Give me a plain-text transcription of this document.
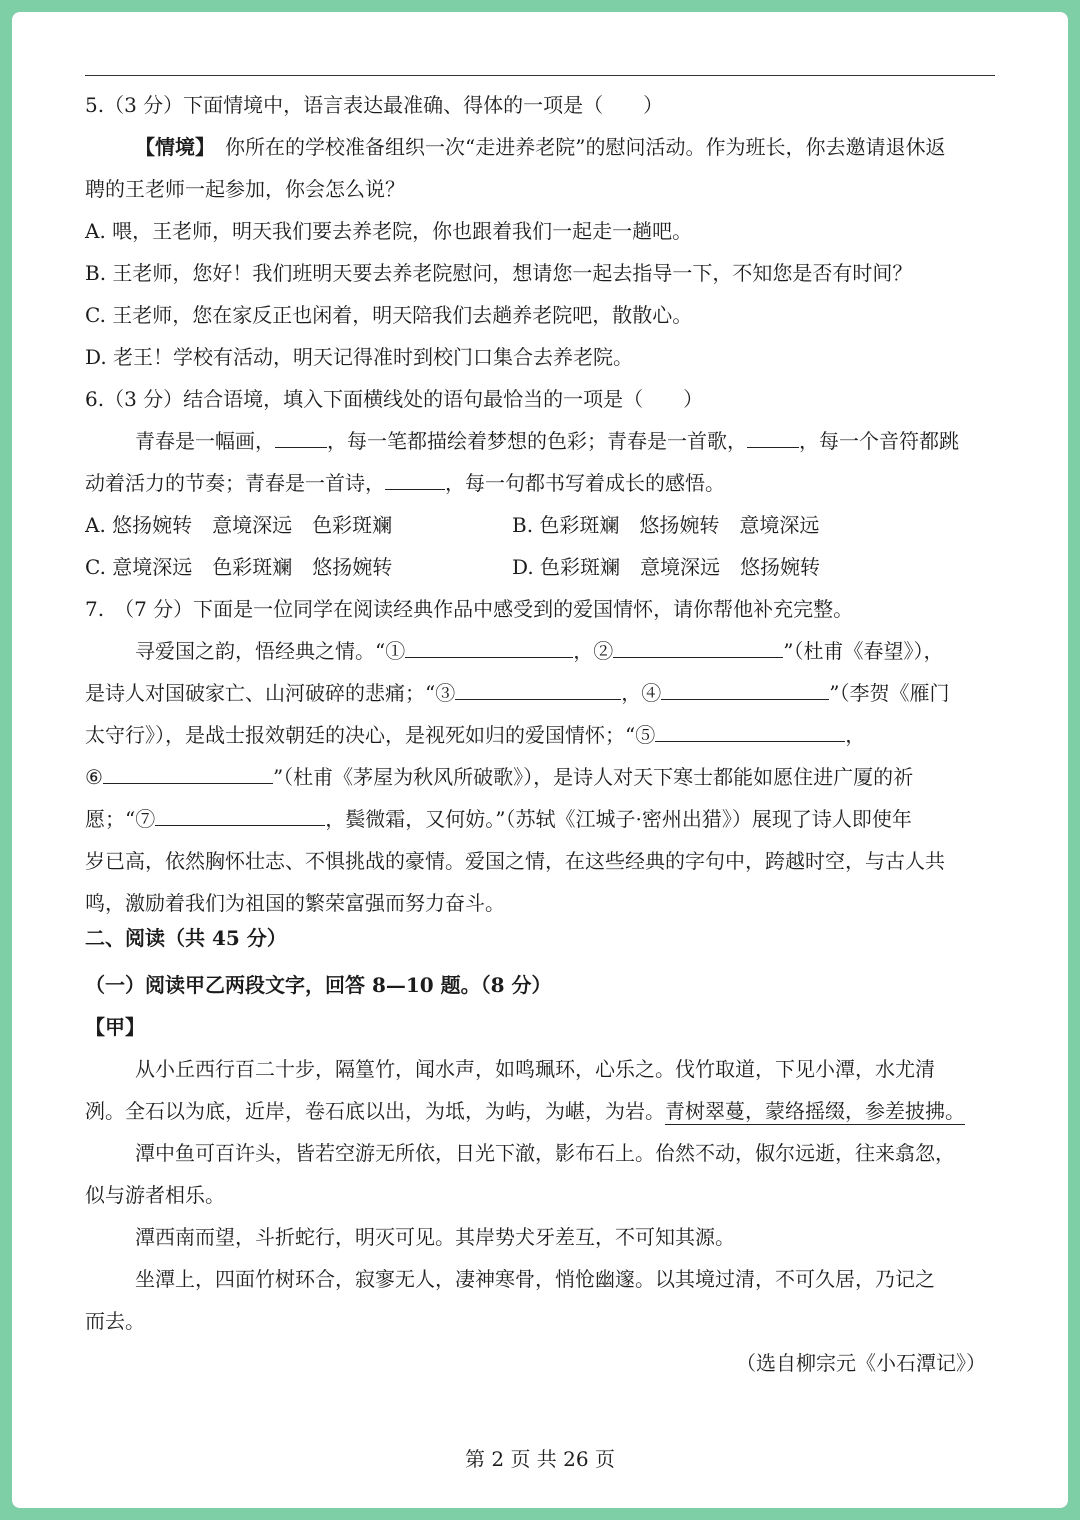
5.（3 分）下面情境中，语言表达最准确、得体的一项是（　　）
【情境】 你所在的学校准备组织一次“走进养老院”的慰问活动。作为班长，你去邀请退休返
聘的王老师一起参加，你会怎么说？
A. 喂，王老师，明天我们要去养老院，你也跟着我们一起走一趟吧。
B. 王老师，您好！我们班明天要去养老院慰问，想请您一起去指导一下，不知您是否有时间？
C. 王老师，您在家反正也闲着，明天陪我们去趟养老院吧，散散心。
D. 老王！学校有活动，明天记得准时到校门口集合去养老院。
6.（3 分）结合语境，填入下面横线处的语句最恰当的一项是（　　）
青春是一幅画，	，每一笔都描绘着梦想的色彩；青春是一首歌，	，每一个音符都跳
动着活力的节奏；青春是一首诗，	，每一句都书写着成长的感悟。
A. 悠扬婉转　意境深远　色彩斑斓	B. 色彩斑斓　悠扬婉转　意境深远
C. 意境深远　色彩斑斓　悠扬婉转	D. 色彩斑斓　意境深远　悠扬婉转
7.　（7 分）下面是一位同学在阅读经典作品中感受到的爱国情怀，请你帮他补充完整。
寻爱国之韵，悟经典之情。“①	，②	”（杜甫《春望》），
是诗人对国破家亡、山河破碎的悲痛；“③	，④	”（李贺《雁门
太守行》），是战士报效朝廷的决心，是视死如归的爱国情怀；“⑤	，
⑥	”（杜甫《茅屋为秋风所破歌》），是诗人对天下寒士都能如愿住进广厦的祈
愿；“⑦	，鬓微霜，又何妨。”（苏轼《江城子·密州出猎》）展现了诗人即使年
岁已高，依然胸怀壮志、不惧挑战的豪情。爱国之情，在这些经典的字句中，跨越时空，与古人共
鸣，激励着我们为祖国的繁荣富强而努力奋斗。
二、阅读（共 45 分）
（一）阅读甲乙两段文字，回答 8—10 题。（8 分）
【甲】
从小丘西行百二十步，隔篁竹，闻水声，如鸣珮环，心乐之。伐竹取道，下见小潭，水尤清
冽。全石以为底，近岸，卷石底以出，为坻，为屿，为嵁，为岩。青树翠蔓，蒙络摇缀，参差披拂。
潭中鱼可百许头，皆若空游无所依，日光下澈，影布石上。佁然不动，俶尔远逝，往来翕忽，
似与游者相乐。
潭西南而望，斗折蛇行，明灭可见。其岸势犬牙差互，不可知其源。
坐潭上，四面竹树环合，寂寥无人，凄神寒骨，悄怆幽邃。以其境过清，不可久居，乃记之
而去。
（选自柳宗元《小石潭记》）
第 2 页 共 26 页
